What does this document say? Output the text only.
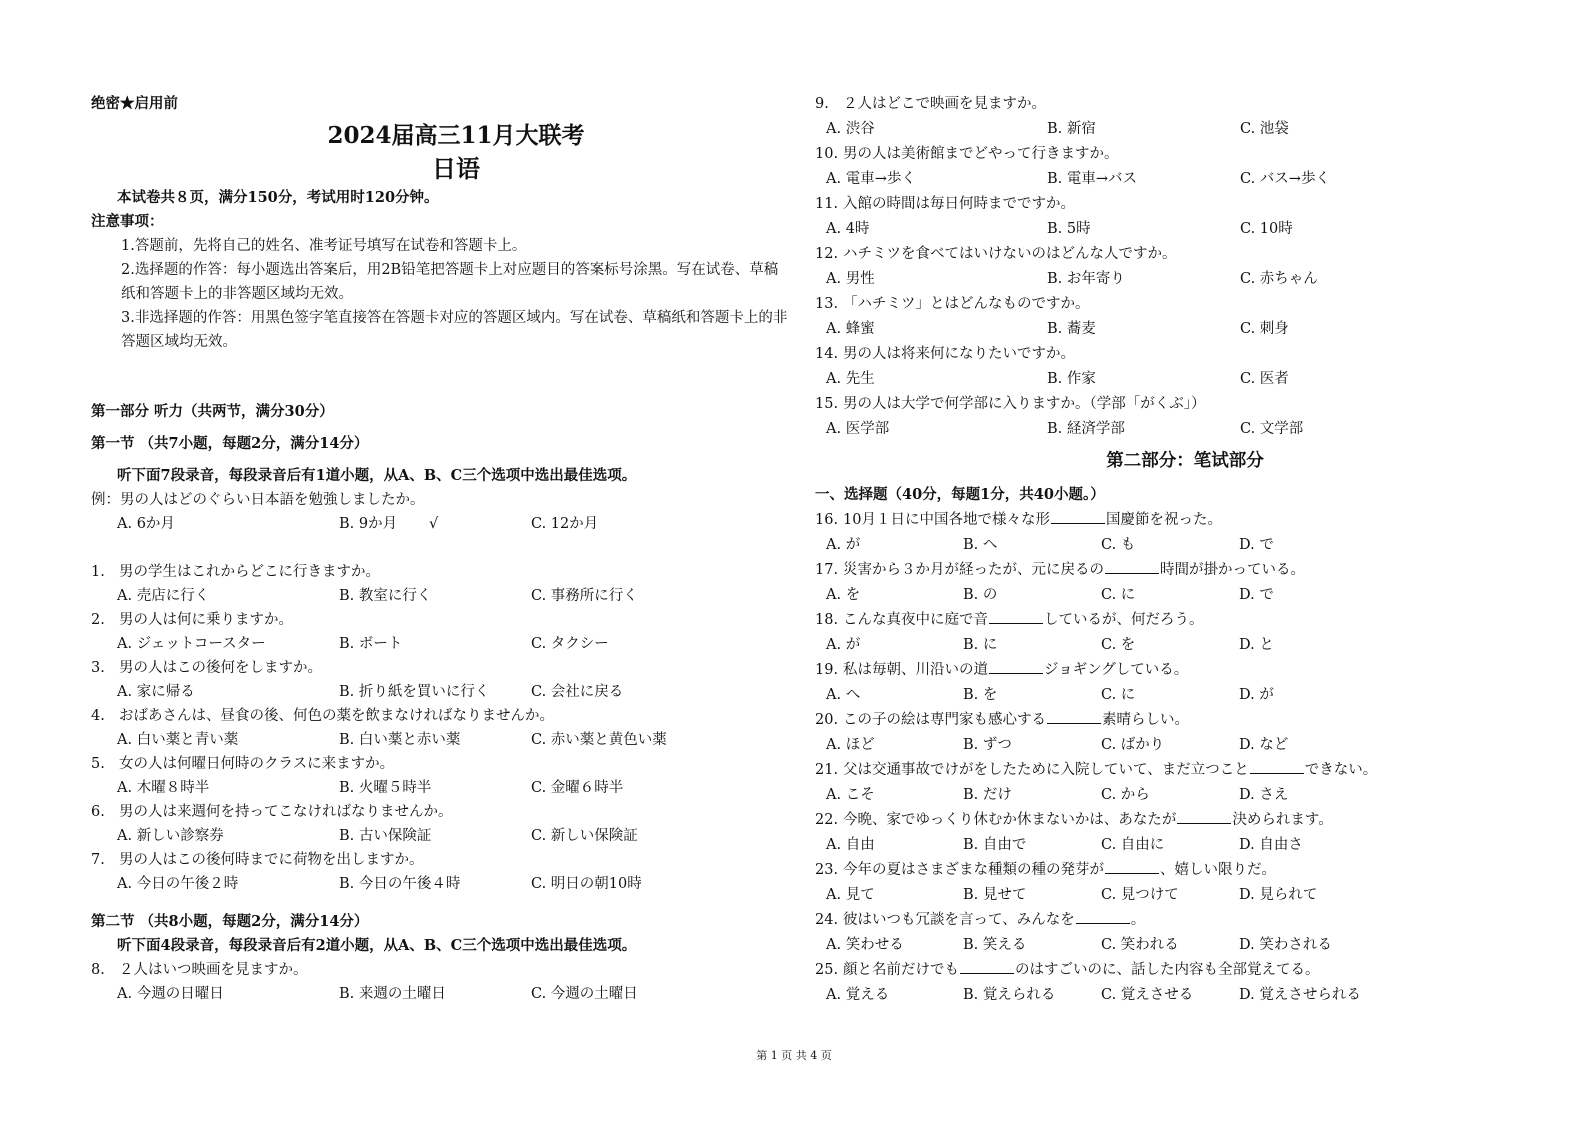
绝密★启用前
2024届高三11月大联考
日语
本试卷共８页，满分150分，考试用时120分钟。
注意事项：
1.答题前，先将自己的姓名、准考证号填写在试卷和答题卡上。
2.选择题的作答：每小题选出答案后，用2B铅笔把答题卡上对应题目的答案标号涂黑。写在试卷、草稿纸和答题卡上的非答题区域均无效。
3.非选择题的作答：用黑色签字笔直接答在答题卡对应的答题区域内。写在试卷、草稿纸和答题卡上的非答题区域均无效。
第一部分 听力（共两节，满分30分）
第一节 （共7小题，每题2分，满分14分）
听下面7段录音，每段录音后有1道小题，从A、B、C三个选项中选出最佳选项。
例：男の人はどのぐらい日本語を勉強しましたか。
A. 6か月	B. 9か月 √	C. 12か月
1. 男の学生はこれからどこに行きますか。
A. 売店に行く	B. 教室に行く	C. 事務所に行く
2. 男の人は何に乗りますか。
A. ジェットコースター	B. ボート	C. タクシー
3. 男の人はこの後何をしますか。
A. 家に帰る	B. 折り紙を買いに行く	C. 会社に戻る
4. おばあさんは、昼食の後、何色の薬を飲まなければなりませんか。
A. 白い薬と青い薬	B. 白い薬と赤い薬	C. 赤い薬と黄色い薬
5. 女の人は何曜日何時のクラスに来ますか。
A. 木曜８時半	B. 火曜５時半	C. 金曜６時半
6. 男の人は来週何を持ってこなければなりませんか。
A. 新しい診察券	B. 古い保険証	C. 新しい保険証
7. 男の人はこの後何時までに荷物を出しますか。
A. 今日の午後２時	B. 今日の午後４時	C. 明日の朝10時
第二节 （共8小题，每题2分，满分14分）
听下面4段录音，每段录音后有2道小题，从A、B、C三个选项中选出最佳选项。
8. ２人はいつ映画を見ますか。
A. 今週の日曜日	B. 来週の土曜日	C. 今週の土曜日
9. ２人はどこで映画を見ますか。
A. 渋谷	B. 新宿	C. 池袋
10. 男の人は美術館までどやって行きますか。
A. 電車→歩く	B. 電車→バス	C. バス→歩く
11. 入館の時間は毎日何時までですか。
A. 4時	B. 5時	C. 10時
12. ハチミツを食べてはいけないのはどんな人ですか。
A. 男性	B. お年寄り	C. 赤ちゃん
13. 「ハチミツ」とはどんなものですか。
A. 蜂蜜	B. 蕎麦	C. 刺身
14. 男の人は将来何になりたいですか。
A. 先生	B. 作家	C. 医者
15. 男の人は大学で何学部に入りますか。（学部「がくぶ」）
A. 医学部	B. 経済学部	C. 文学部
第二部分：笔试部分
一、选择题（40分，每题1分，共40小题。）
16. 10月１日に中国各地で様々な形	国慶節を祝った。
A. が	B. へ	C. も	D. で
17. 災害から３か月が経ったが、元に戻るの	時間が掛かっている。
A. を	B. の	C. に	D. で
18. こんな真夜中に庭で音	しているが、何だろう。
A. が	B. に	C. を	D. と
19. 私は毎朝、川沿いの道	ジョギングしている。
A. へ	B. を	C. に	D. が
20. この子の絵は専門家も感心する	素晴らしい。
A. ほど	B. ずつ	C. ばかり	D. など
21. 父は交通事故でけがをしたために入院していて、まだ立つこと	できない。
A. こそ	B. だけ	C. から	D. さえ
22. 今晩、家でゆっくり休むか休まないかは、あなたが	決められます。
A. 自由	B. 自由で	C. 自由に	D. 自由さ
23. 今年の夏はさまざまな種類の種の発芽が	、嬉しい限りだ。
A. 見て	B. 見せて	C. 見つけて	D. 見られて
24. 彼はいつも冗談を言って、みんなを	。
A. 笑わせる	B. 笑える	C. 笑われる	D. 笑わされる
25. 顔と名前だけでも	のはすごいのに、話した内容も全部覚えてる。
A. 覚える	B. 覚えられる	C. 覚えさせる	D. 覚えさせられる
第 1 页 共 4 页
